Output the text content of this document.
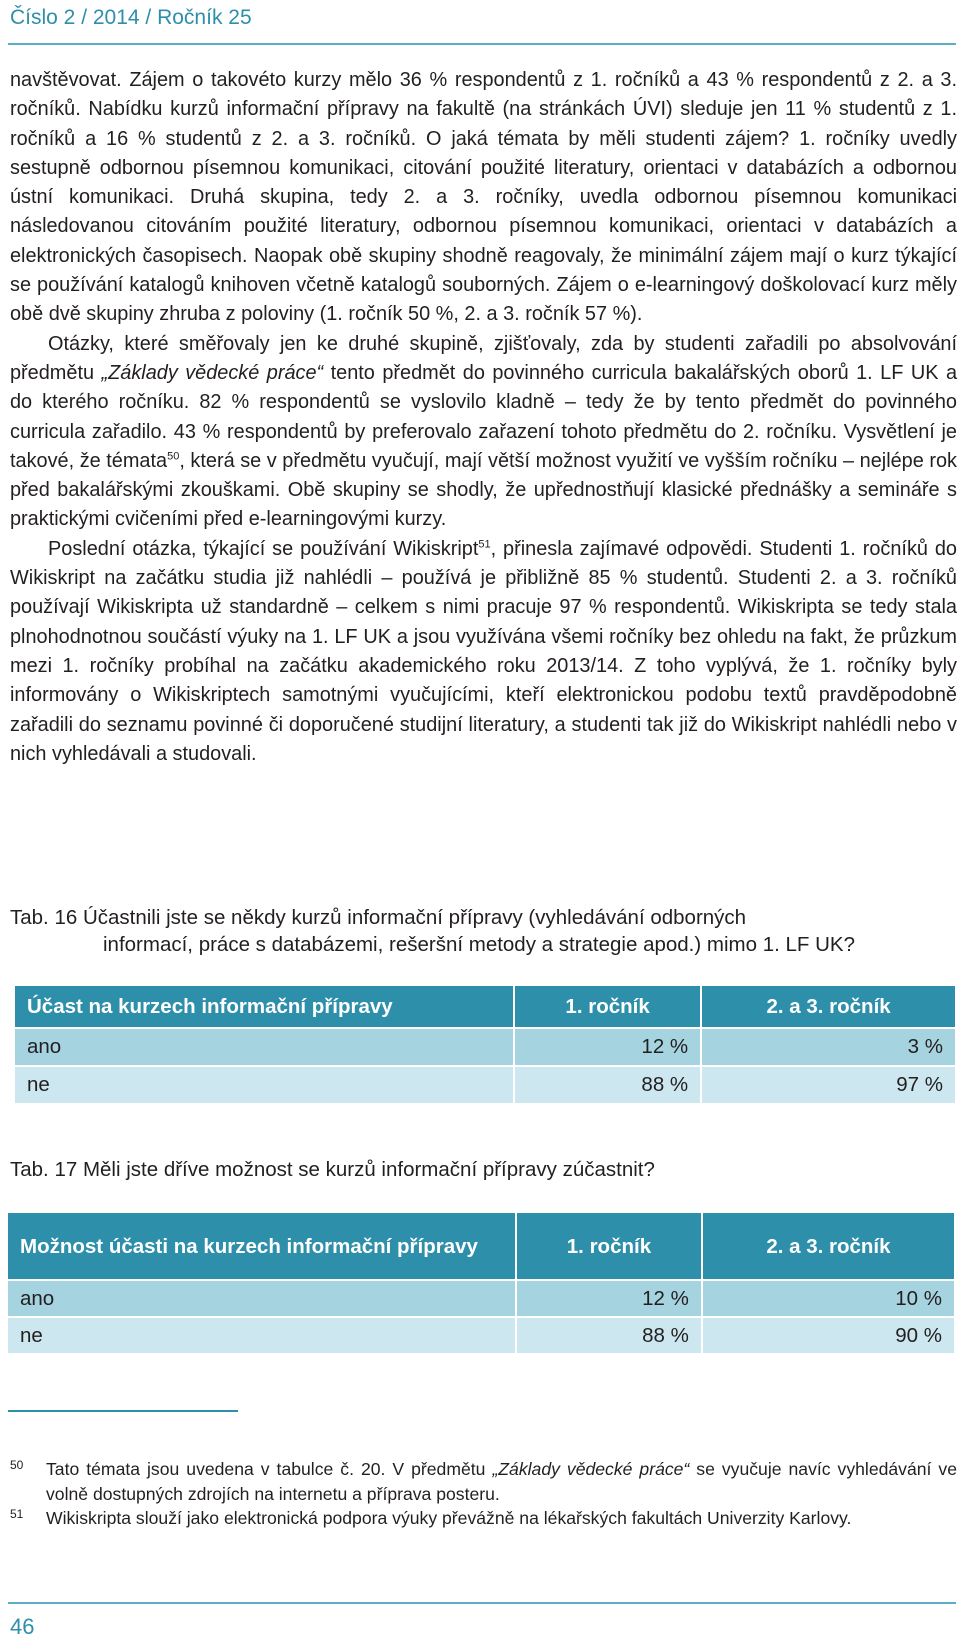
Číslo 2 / 2014 / Ročník 25

navštěvovat. Zájem o takovéto kurzy mělo 36 % respondentů z 1. ročníků a 43 % respondentů z 2. a 3. ročníků. Nabídku kurzů informační přípravy na fakultě (na stránkách ÚVI) sleduje jen 11 % studentů z 1. ročníků a 16 % studentů z 2. a 3. ročníků. O jaká témata by měli studenti zájem? 1. ročníky uvedly sestupně odbornou písemnou komunikaci, citování použité literatury, orientaci v databázích a odbornou ústní komunikaci. Druhá skupina, tedy 2. a 3. ročníky, uvedla odbornou písemnou komunikaci následovanou citováním použité literatury, odbornou písemnou komunikaci, orientaci v databázích a elektronických časopisech. Naopak obě skupiny shodně reagovaly, že minimální zájem mají o kurz týkající se používání katalogů knihoven včetně katalogů souborných. Zájem o e-learningový doškolovací kurz měly obě dvě skupiny zhruba z poloviny (1. ročník 50 %, 2. a 3. ročník 57 %).

Otázky, které směřovaly jen ke druhé skupině, zjišťovaly, zda by studenti zařadili po absolvování předmětu „Základy vědecké práce“ tento předmět do povinného curricula bakalářských oborů 1. LF UK a do kterého ročníku. 82 % respondentů se vyslovilo kladně – tedy že by tento předmět do povinného curricula zařadilo. 43 % respondentů by preferovalo zařazení tohoto předmětu do 2. ročníku. Vysvětlení je takové, že témata$^{50}$, která se v předmětu vyučují, mají větší možnost využití ve vyšším ročníku – nejlépe rok před bakalářskými zkouškami. Obě skupiny se shodly, že upřednostňují klasické přednášky a semináře s praktickými cvičeními před e-learningovými kurzy.

Poslední otázka, týkající se používání Wikiskript$^{51}$, přinesla zajímavé odpovědi. Studenti 1. ročníků do Wikiskript na začátku studia již nahlédli – používá je přibližně 85 % studentů. Studenti 2. a 3. ročníků používají Wikiskripta už standardně – celkem s nimi pracuje 97 % respondentů. Wikiskripta se tedy stala plnohodnotnou součástí výuky na 1. LF UK a jsou využívána všemi ročníky bez ohledu na fakt, že průzkum mezi 1. ročníky probíhal na začátku akademického roku 2013/14. Z toho vyplývá, že 1. ročníky byly informovány o Wikiskriptech samotnými vyučujícími, kteří elektronickou podobu textů pravděpodobně zařadili do seznamu povinné či doporučené studijní literatury, a studenti tak již do Wikiskript nahlédli nebo v nich vyhledávali a studovali.

Tab. 16 Účastnili jste se někdy kurzů informační přípravy (vyhledávání odborných
informací, práce s databázemi, rešeršní metody a strategie apod.) mimo 1. LF UK?
Účast na kurzech informační přípravy	1. ročník	2. a 3. ročník
ano	12 %	3 %
ne	88 %	97 %
Tab. 17 Měli jste dříve možnost se kurzů informační přípravy zúčastnit?
Možnost účasti na kurzech informační přípravy	1. ročník	2. a 3. ročník
ano	12 %	10 %
ne	88 %	90 %
50 Tato témata jsou uvedena v tabulce č. 20. V předmětu „Základy vědecké práce“ se vyučuje navíc vyhledávání ve volně dostupných zdrojích na internetu a příprava posteru.
51 Wikiskripta slouží jako elektronická podpora výuky převážně na lékařských fakultách Univerzity Karlovy.
46
